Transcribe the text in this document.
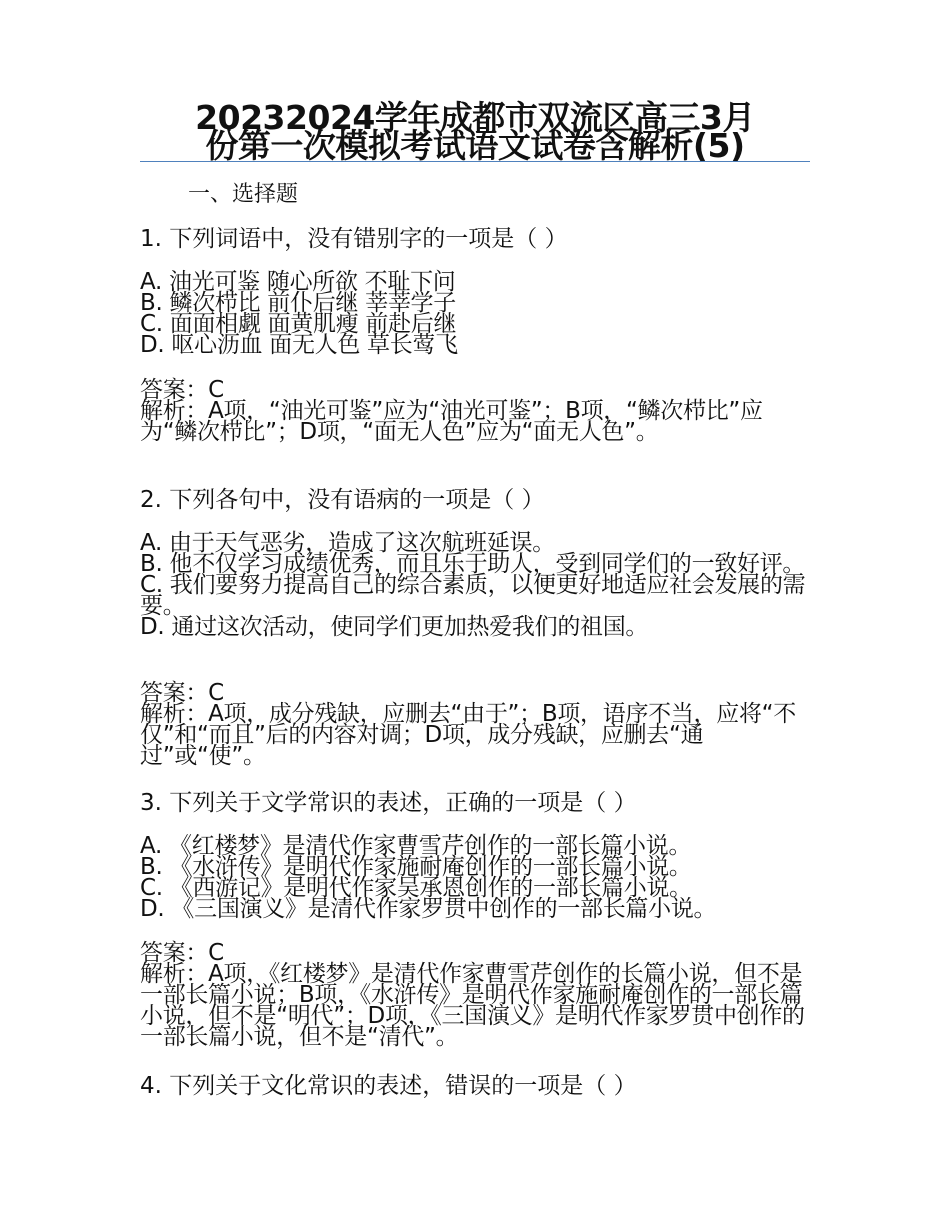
20232024学年成都市双流区高三3月
份第一次模拟考试语文试卷含解析(5)
一、选择题
1. 下列词语中，没有错别字的一项是（ ）
A. 油光可鉴 随心所欲 不耻下问
B. 鳞次栉比 前仆后继 莘莘学子
C. 面面相觑 面黄肌瘦 前赴后继
D. 呕心沥血 面无人色 草长莺飞
答案：C
解析：A项，“油光可鉴”应为“油光可鉴”；B项，“鳞次栉比”应为“鳞次栉比”；D项，“面无人色”应为“面无人色”。
2. 下列各句中，没有语病的一项是（ ）
A. 由于天气恶劣，造成了这次航班延误。
B. 他不仅学习成绩优秀，而且乐于助人，受到同学们的一致好评。
C. 我们要努力提高自己的综合素质，以便更好地适应社会发展的需要。
D. 通过这次活动，使同学们更加热爱我们的祖国。
答案：C
解析：A项，成分残缺，应删去“由于”；B项，语序不当，应将“不仅”和“而且”后的内容对调；D项，成分残缺，应删去“通过”或“使”。
3. 下列关于文学常识的表述，正确的一项是（ ）
A. 《红楼梦》是清代作家曹雪芹创作的一部长篇小说。
B. 《水浒传》是明代作家施耐庵创作的一部长篇小说。
C. 《西游记》是明代作家吴承恩创作的一部长篇小说。
D. 《三国演义》是清代作家罗贯中创作的一部长篇小说。
答案：C
解析：A项，《红楼梦》是清代作家曹雪芹创作的长篇小说，但不是一部长篇小说；B项，《水浒传》是明代作家施耐庵创作的一部长篇小说，但不是“明代”；D项，《三国演义》是明代作家罗贯中创作的一部长篇小说，但不是“清代”。
4. 下列关于文化常识的表述，错误的一项是（ ）
